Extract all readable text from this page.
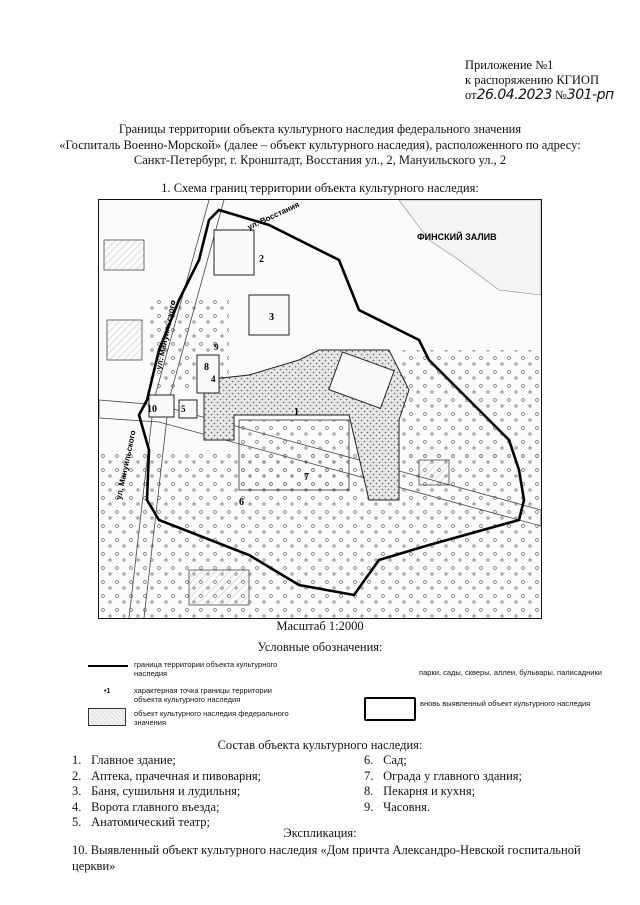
Приложение №1
к распоряжению КГИОП
от26.04.2023 №301-рп
Границы территории объекта культурного наследия федерального значения
«Госпиталь Военно-Морской» (далее – объект культурного наследия), расположенного по адресу:
Санкт-Петербург, г. Кронштадт, Восстания ул., 2, Мануильского ул., 2
1. Схема границ территории объекта культурного наследия:
ул. Восстания
ул. Мануильского
ул. Мануильского
ФИНСКИЙ ЗАЛИВ
1
2
3
4
5
6
7
8
9
10
Масштаб 1:2000
Условные обозначения:
граница территории объекта культурного наследия
•1	характерная точка границы территории объекта культурного наследия
объект культурного наследия федерального значения
парки, сады, скверы, аллеи, бульвары, палисадники
вновь выявленный объект культурного наследия
Состав объекта культурного наследия:
1. Главное здание;
2. Аптека, прачечная и пивоварня;
3. Баня, сушильня и лудильня;
4. Ворота главного въезда;
5. Анатомический театр;
6. Сад;
7. Ограда у главного здания;
8. Пекарня и кухня;
9. Часовня.
Экспликация:
10. Выявленный объект культурного наследия «Дом причта Александро-Невской госпитальной церкви»
